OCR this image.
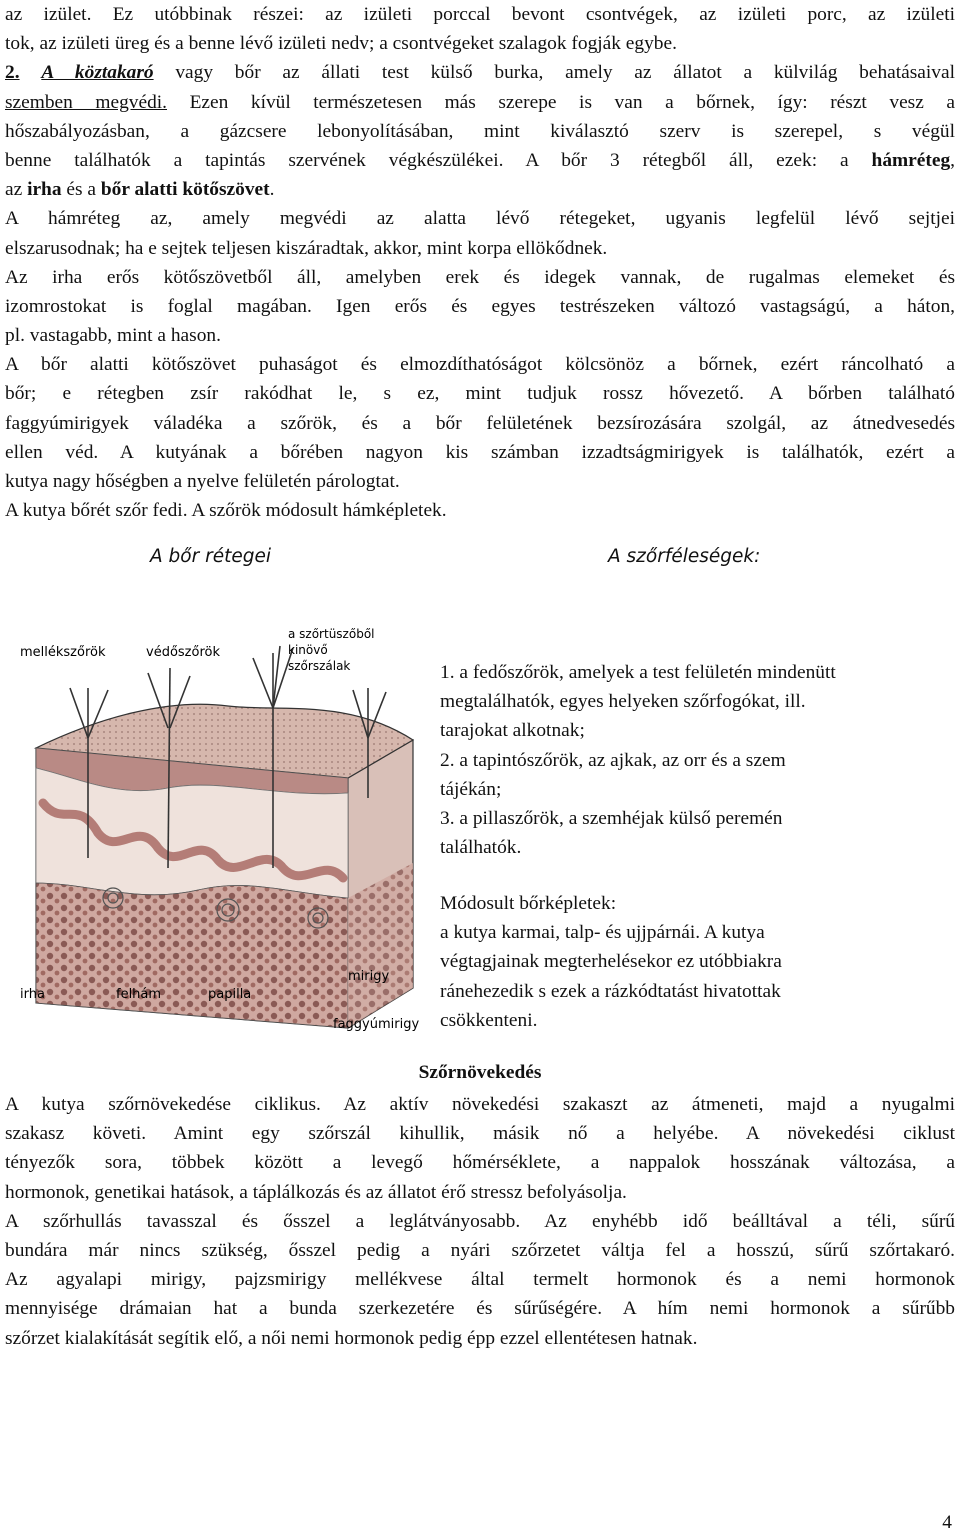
az izület. Ez utóbbinak részei: az izületi porccal bevont csontvégek, az izületi porc, az izületi
tok, az izületi üreg és a benne lévő izületi nedv; a csontvégeket szalagok fogják egybe.
2. A köztakaró vagy bőr az állati test külső burka, amely az állatot a külvilág behatásaival
szemben megvédi. Ezen kívül természetesen más szerepe is van a bőrnek, így: részt vesz a
hőszabályozásban, a gázcsere lebonyolításában, mint kiválasztó szerv is szerepel, s végül
benne találhatók a tapintás szervének végkészülékei. A bőr 3 rétegből áll, ezek: a hámréteg,
az irha és a bőr alatti kötőszövet.
A hámréteg az, amely megvédi az alatta lévő rétegeket, ugyanis legfelül lévő sejtjei
elszarusodnak; ha e sejtek teljesen kiszáradtak, akkor, mint korpa ellökődnek.
Az irha erős kötőszövetből áll, amelyben erek és idegek vannak, de rugalmas elemeket és
izomrostokat is foglal magában. Igen erős és egyes testrészeken változó vastagságú, a háton,
pl. vastagabb, mint a hason.
A bőr alatti kötőszövet puhaságot és elmozdíthatóságot kölcsönöz a bőrnek, ezért ráncolható a
bőr; e rétegben zsír rakódhat le, s ez, mint tudjuk rossz hővezető. A bőrben található
faggyúmirigyek váladéka a szőrök, és a bőr felületének bezsírozására szolgál, az átnedvesedés
ellen véd. A kutyának a bőrében nagyon kis számban izzadtságmirigyek is találhatók, ezért a
kutya nagy hőségben a nyelve felületén párologtat.
A kutya bőrét szőr fedi. A szőrök módosult hámképletek.
A bőr rétegei	A szőrféleségek:
mellékszőrök	védőszőrök
a szőrtüszőből
kinövő
szőrszálak
irha	felhám	papilla
mirigy
faggyúmirigy
1. a fedőszőrök, amelyek a test felületén mindenütt
megtalálhatók, egyes helyeken szőrfogókat, ill.
tarajokat alkotnak;
2. a tapintószőrök, az ajkak, az orr és a szem
tájékán;
3. a pillaszőrök, a szemhéjak külső peremén
találhatók.
Módosult bőrképletek:
a kutya karmai, talp- és ujjpárnái. A kutya
végtagjainak megterhelésekor ez utóbbiakra
ránehezedik s ezek a rázkódtatást hivatottak
csökkenteni.
Szőrnövekedés
A kutya szőrnövekedése ciklikus. Az aktív növekedési szakaszt az átmeneti, majd a nyugalmi
szakasz követi. Amint egy szőrszál kihullik, másik nő a helyébe. A növekedési ciklust
tényezők sora, többek között a levegő hőmérséklete, a nappalok hosszának változása, a
hormonok, genetikai hatások, a táplálkozás és az állatot érő stressz befolyásolja.
A szőrhullás tavasszal és ősszel a leglátványosabb. Az enyhébb idő beálltával a téli, sűrű
bundára már nincs szükség, ősszel pedig a nyári szőrzetet váltja fel a hosszú, sűrű szőrtakaró.
Az agyalapi mirigy, pajzsmirigy mellékvese által termelt hormonok és a nemi hormonok
mennyisége drámaian hat a bunda szerkezetére és sűrűségére. A hím nemi hormonok a sűrűbb
szőrzet kialakítását segítik elő, a női nemi hormonok pedig épp ezzel ellentétesen hatnak.
4
